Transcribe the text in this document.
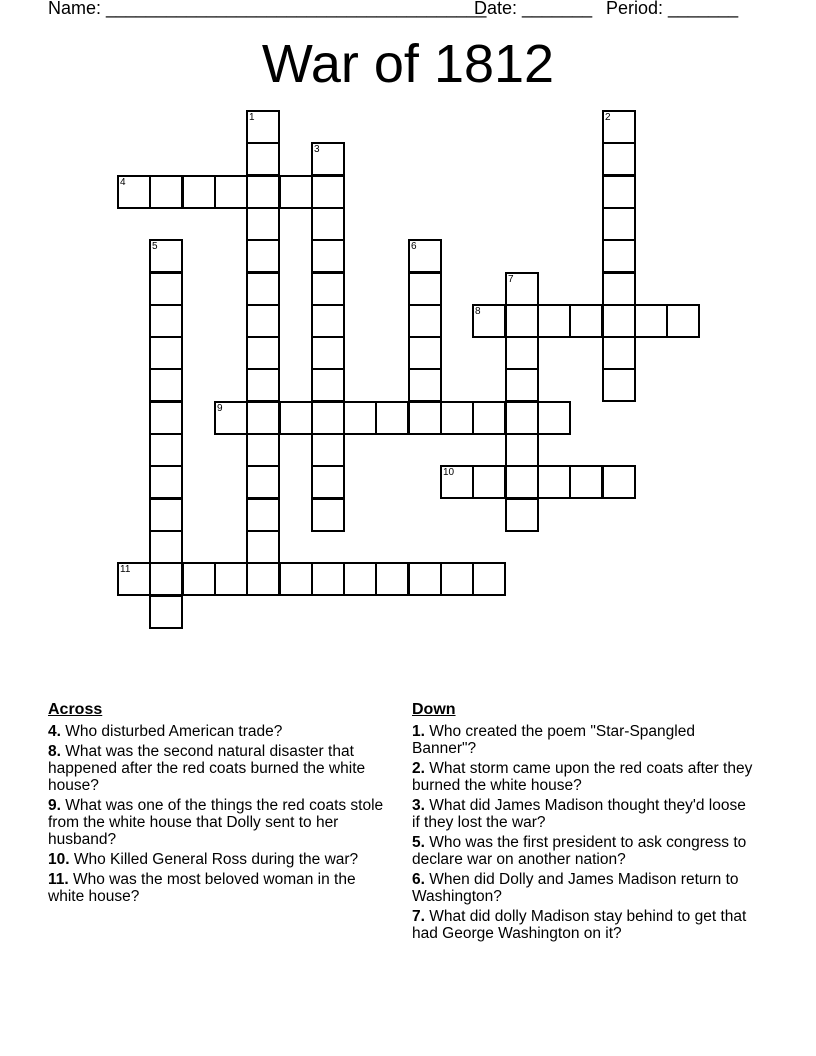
Name: ______________________________________
Date: _______ Period: _______
War of 1812
1	2
3
4
5	6
7
8
9
10
11
Across
4. Who disturbed American trade?
8. What was the second natural disaster that happened after the red coats burned the white house?
9. What was one of the things the red coats stole from the white house that Dolly sent to her husband?
10. Who Killed General Ross during the war?
11. Who was the most beloved woman in the white house?
Down
1. Who created the poem "Star-Spangled Banner"?
2. What storm came upon the red coats after they burned the white house?
3. What did James Madison thought they'd loose if they lost the war?
5. Who was the first president to ask congress to declare war on another nation?
6. When did Dolly and James Madison return to Washington?
7. What did dolly Madison stay behind to get that had George Washington on it?
